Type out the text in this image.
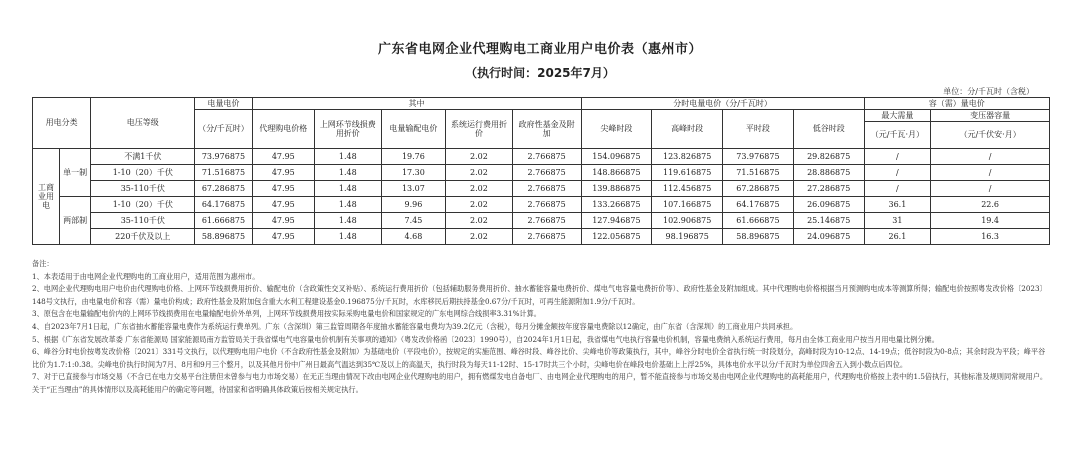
广东省电网企业代理购电工商业用户电价表（惠州市）
（执行时间：2025年7月）
单位：分/千瓦时（含税）
用电分类		电压等级	电量电价	其中					分时电量电价（分/千瓦时）				容（需）量电价	
			（分/千瓦时）	代理购电价格	上网环节线损费用折价	电量输配电价	系统运行费用折价	政府性基金及附加	尖峰时段	高峰时段	平时段	低谷时段	最大需量	变压器容量
													（元/千瓦·月）	（元/千伏安·月）
工商业用电	单一制	不满1千伏	73.976875	47.95	1.48	19.76	2.02	2.766875	154.096875	123.826875	73.976875	29.826875	/	/
		1-10（20）千伏	71.516875	47.95	1.48	17.30	2.02	2.766875	148.866875	119.616875	71.516875	28.886875	/	/
		35-110千伏	67.286875	47.95	1.48	13.07	2.02	2.766875	139.886875	112.456875	67.286875	27.286875	/	/
	两部制	1-10（20）千伏	64.176875	47.95	1.48	9.96	2.02	2.766875	133.266875	107.166875	64.176875	26.096875	36.1	22.6
		35-110千伏	61.666875	47.95	1.48	7.45	2.02	2.766875	127.946875	102.906875	61.666875	25.146875	31	19.4
		220千伏及以上	58.896875	47.95	1.48	4.68	2.02	2.766875	122.056875	98.196875	58.896875	24.096875	26.1	16.3

备注：

1、本表适用于由电网企业代理购电的工商业用户，适用范围为惠州市。

2、电网企业代理购电用户电价由代理购电价格、上网环节线损费用折价、输配电价（含政策性交叉补贴）、系统运行费用折价（包括辅助服务费用折价、抽水蓄能容量电费折价、煤电气电容量电费折价等）、政府性基金及附加组成。其中代理购电价格根据当月预测购电成本等测算所得；输配电价按照粤发改价格〔2023〕148号文执行，由电量电价和容（需）量电价构成；政府性基金及附加包含重大水利工程建设基金0.196875分/千瓦时，水库移民后期扶持基金0.67分/千瓦时，可再生能源附加1.9分/千瓦时。

3、原包含在电量输配电价内的上网环节线损费用在电量输配电价外单列，上网环节线损费用按实际采购电量电价和国家规定的广东电网综合线损率3.31%计算。

4、自2023年7月1日起，广东省抽水蓄能容量电费作为系统运行费单列。广东（含深圳）第三监管周期各年度抽水蓄能容量电费均为39.2亿元（含税），每月分摊金额按年度容量电费除以12确定，由广东省（含深圳）的工商业用户共同承担。

5、根据《广东省发展改革委 广东省能源局 国家能源局南方监管局关于我省煤电气电容量电价机制有关事项的通知》（粤发改价格函〔2023〕1990号），自2024年1月1日起，我省煤电气电执行容量电价机制，容量电费纳入系统运行费用，每月由全体工商业用户按当月用电量比例分摊。

6、峰谷分时电价按粤发改价格〔2021〕331号文执行，以代理购电用户电价（不含政府性基金及附加）为基础电价（平段电价），按规定的实施范围、峰谷时段、峰谷比价、尖峰电价等政策执行，其中，峰谷分时电价全省执行统一时段划分，高峰时段为10-12点、14-19点；低谷时段为0-8点；其余时段为平段；峰平谷比价为1.7:1:0.38。尖峰电价执行时间为7月、8月和9月三个整月，以及其他月份中广州日最高气温达到35℃及以上的高温天，执行时段为每天11-12时、15-17时共三个小时，尖峰电价在峰段电价基础上上浮25%，具体电价水平以分/千瓦时为单位四舍五入到小数点后四位。

7、对于已直接参与市场交易（不含已在电力交易平台注册但未曾参与电力市场交易）在无正当理由情况下改由电网企业代理购电的用户，拥有燃煤发电自备电厂、由电网企业代理购电的用户，暂不能直接参与市场交易由电网企业代理购电的高耗能用户，代理购电价格按上表中的1.5倍执行，其他标准及规则同常规用户。关于“正当理由”的具体情形以及高耗能用户的确定等问题，待国家和省明确具体政策后按相关规定执行。
